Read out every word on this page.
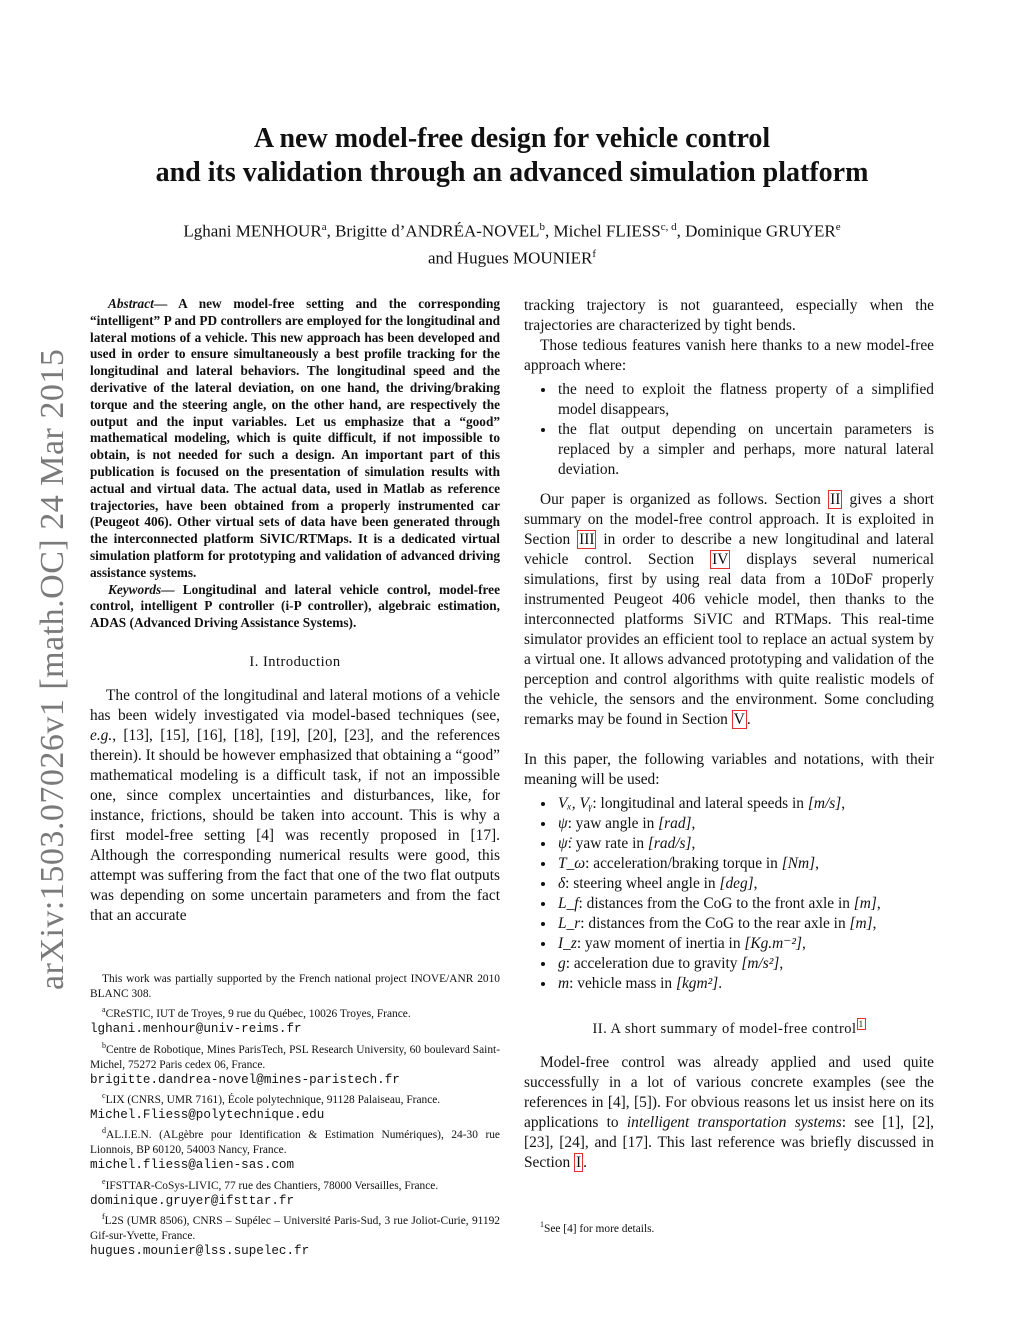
arXiv:1503.07026v1 [math.OC] 24 Mar 2015
A new model-free design for vehicle control
and its validation through an advanced simulation platform
Lghani MENHOUR$^a$, Brigitte d’ANDRÉA-NOVEL$^b$, Michel FLIESS$^{c, d}$, Dominique GRUYER$^e$
and Hugues MOUNIER$^f$

Abstract— A new model-free setting and the corresponding “intelligent” P and PD controllers are employed for the longitudinal and lateral motions of a vehicle. This new approach has been developed and used in order to ensure simultaneously a best profile tracking for the longitudinal and lateral behaviors. The longitudinal speed and the derivative of the lateral deviation, on one hand, the driving/braking torque and the steering angle, on the other hand, are respectively the output and the input variables. Let us emphasize that a “good” mathematical modeling, which is quite difficult, if not impossible to obtain, is not needed for such a design. An important part of this publication is focused on the presentation of simulation results with actual and virtual data. The actual data, used in Matlab as reference trajectories, have been obtained from a properly instrumented car (Peugeot 406). Other virtual sets of data have been generated through the interconnected platform SiVIC/RTMaps. It is a dedicated virtual simulation platform for prototyping and validation of advanced driving assistance systems.

Keywords— Longitudinal and lateral vehicle control, model-free control, intelligent P controller (i-P controller), algebraic estimation, ADAS (Advanced Driving Assistance Systems).

I. Introduction

The control of the longitudinal and lateral motions of a vehicle has been widely investigated via model-based techniques (see, e.g., [13], [15], [16], [18], [19], [20], [23], and the references therein). It should be however emphasized that obtaining a “good” mathematical modeling is a difficult task, if not an impossible one, since complex uncertainties and disturbances, like, for instance, frictions, should be taken into account. This is why a first model-free setting [4] was recently proposed in [17]. Although the corresponding numerical results were good, this attempt was suffering from the fact that one of the two flat outputs was depending on some uncertain parameters and from the fact that an accurate

This work was partially supported by the French national project INOVE/ANR 2010 BLANC 308.

$^a$CReSTIC, IUT de Troyes, 9 rue du Québec, 10026 Troyes, France.
lghani.menhour@univ-reims.fr

$^b$Centre de Robotique, Mines ParisTech, PSL Research University, 60 boulevard Saint-Michel, 75272 Paris cedex 06, France.
brigitte.dandrea-novel@mines-paristech.fr

$^c$LIX (CNRS, UMR 7161), École polytechnique, 91128 Palaiseau, France.
Michel.Fliess@polytechnique.edu

$^d$AL.I.E.N. (ALgèbre pour Identification & Estimation Numériques), 24-30 rue Lionnois, BP 60120, 54003 Nancy, France.
michel.fliess@alien-sas.com

$^e$IFSTTAR-CoSys-LIVIC, 77 rue des Chantiers, 78000 Versailles, France.
dominique.gruyer@ifsttar.fr

$^f$L2S (UMR 8506), CNRS – Supélec – Université Paris-Sud, 3 rue Joliot-Curie, 91192 Gif-sur-Yvette, France.
hugues.mounier@lss.supelec.fr

tracking trajectory is not guaranteed, especially when the trajectories are characterized by tight bends.

Those tedious features vanish here thanks to a new model-free approach where:

• the need to exploit the flatness property of a simplified model disappears,
• the flat output depending on uncertain parameters is replaced by a simpler and perhaps, more natural lateral deviation.

Our paper is organized as follows. Section II gives a short summary on the model-free control approach. It is exploited in Section III in order to describe a new longitudinal and lateral vehicle control. Section IV displays several numerical simulations, first by using real data from a 10DoF properly instrumented Peugeot 406 vehicle model, then thanks to the interconnected platforms SiVIC and RTMaps. This real-time simulator provides an efficient tool to replace an actual system by a virtual one. It allows advanced prototyping and validation of the perception and control algorithms with quite realistic models of the vehicle, the sensors and the environment. Some concluding remarks may be found in Section V .

In this paper, the following variables and notations, with their meaning will be used:

• Vₓ, Vᵧ: longitudinal and lateral speeds in [m/s],
• ψ: yaw angle in [rad],
• ψ̇: yaw rate in [rad/s],
• T_ω: acceleration/braking torque in [Nm],
• δ: steering wheel angle in [deg],
• L_f: distances from the CoG to the front axle in [m],
• L_r: distances from the CoG to the rear axle in [m],
• I_z: yaw moment of inertia in [Kg.m⁻²],
• g: acceleration due to gravity [m/s²],
• m: vehicle mass in [kgm²].
II. A short summary of model-free control $^1$

Model-free control was already applied and used quite successfully in a lot of various concrete examples (see the references in [4], [5]). For obvious reasons let us insist here on its applications to intelligent transportation systems: see [1], [2], [23], [24], and [17]. This last reference was briefly discussed in Section I .

$^1$See [4] for more details.
